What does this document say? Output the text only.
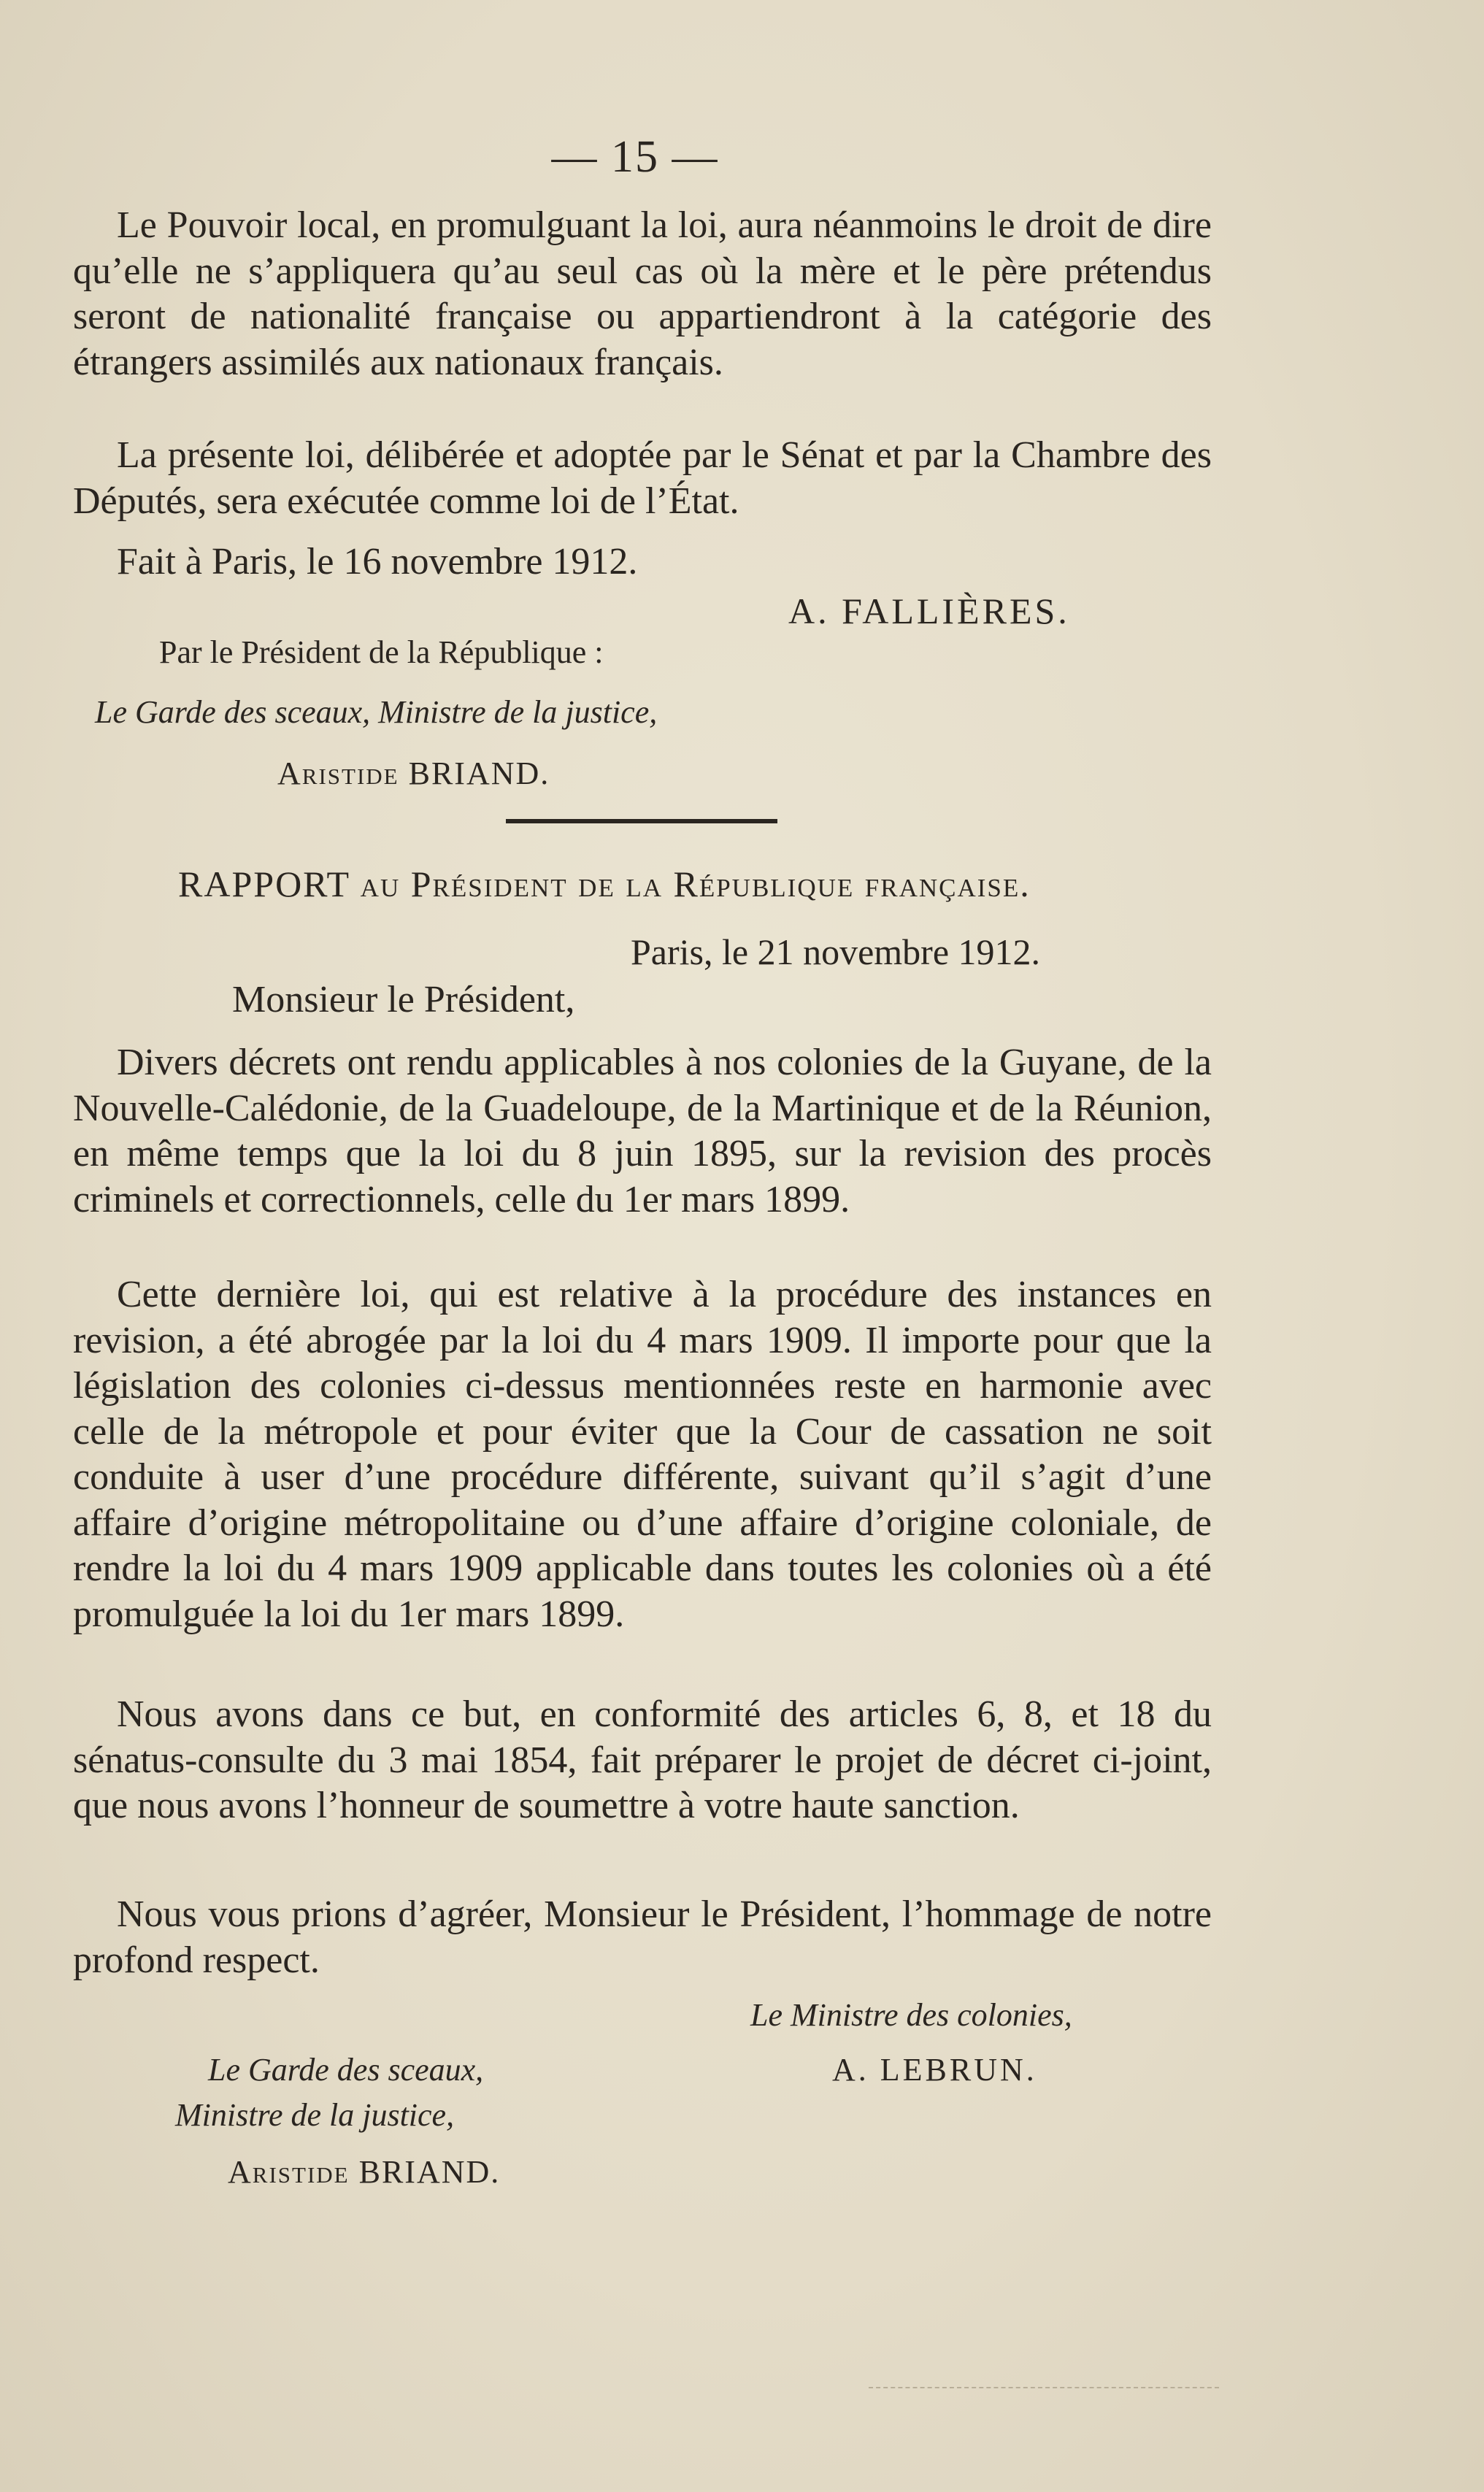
— 15 —

Le Pouvoir local, en promulguant la loi, aura néanmoins le droit de dire qu’elle ne s’appliquera qu’au seul cas où la mère et le père prétendus seront de nationalité française ou appartiendront à la catégorie des étrangers assimilés aux nationaux français.

La présente loi, délibérée et adoptée par le Sénat et par la Chambre des Députés, sera exécutée comme loi de l’État.

Fait à Paris, le 16 novembre 1912.
A. FALLIÈRES.
Par le Président de la République :
Le Garde des sceaux, Ministre de la justice,
Aristide BRIAND.
RAPPORT au Président de la République française.
Paris, le 21 novembre 1912.
Monsieur le Président,

Divers décrets ont rendu applicables à nos colonies de la Guyane, de la Nouvelle-Calédonie, de la Guadeloupe, de la Martinique et de la Réunion, en même temps que la loi du 8 juin 1895, sur la revision des procès criminels et correctionnels, celle du 1er mars 1899.

Cette dernière loi, qui est relative à la procédure des instances en revision, a été abrogée par la loi du 4 mars 1909. Il importe pour que la législation des colonies ci-dessus mentionnées reste en harmonie avec celle de la métropole et pour éviter que la Cour de cassation ne soit conduite à user d’une procédure différente, suivant qu’il s’agit d’une affaire d’origine métropolitaine ou d’une affaire d’origine coloniale, de rendre la loi du 4 mars 1909 applicable dans toutes les colonies où a été promulguée la loi du 1er mars 1899.

Nous avons dans ce but, en conformité des articles 6, 8, et 18 du sénatus-consulte du 3 mai 1854, fait préparer le projet de décret ci-joint, que nous avons l’honneur de soumettre à votre haute sanction.

Nous vous prions d’agréer, Monsieur le Président, l’hommage de notre profond respect.

Le Ministre des colonies,
A. LEBRUN.
Le Garde des sceaux,
Ministre de la justice,
Aristide BRIAND.
